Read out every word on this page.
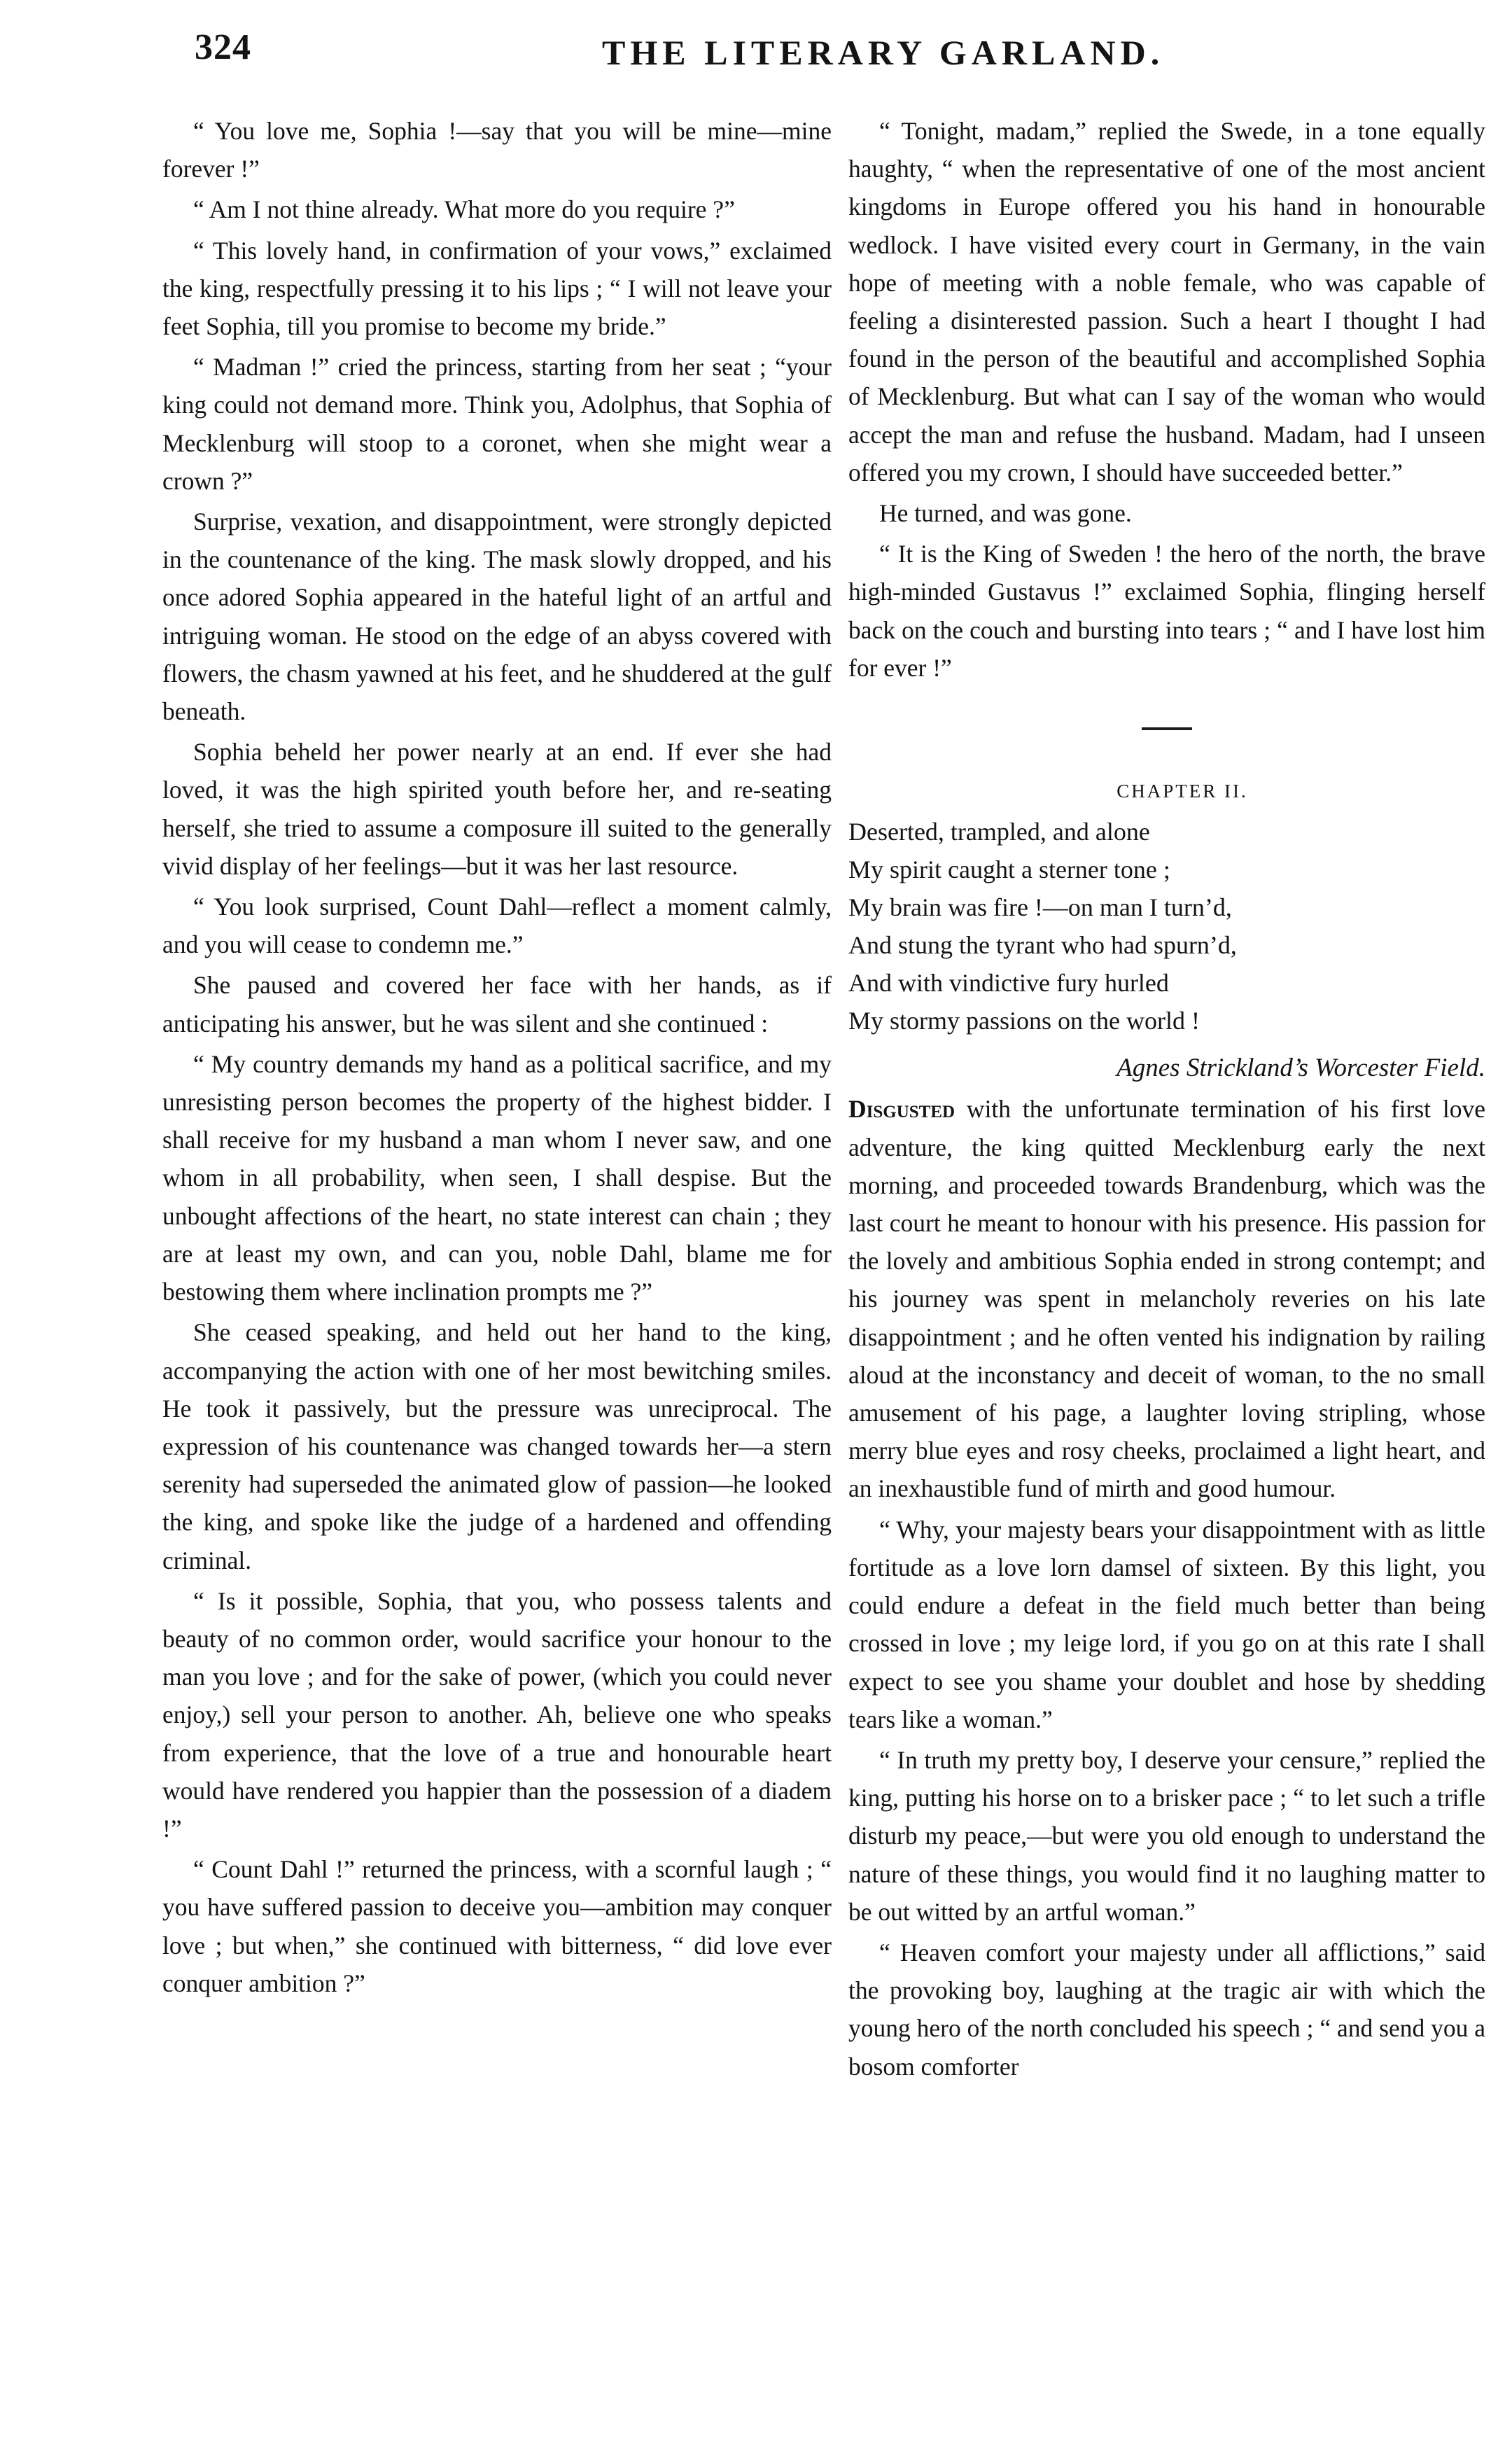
324	THE LITERARY GARLAND.

“ You love me, Sophia !—say that you will be mine—mine forever !”

“ Am I not thine already. What more do you require ?”

“ This lovely hand, in confirmation of your vows,” exclaimed the king, respectfully pressing it to his lips ; “ I will not leave your feet Sophia, till you promise to become my bride.”

“ Madman !” cried the princess, starting from her seat ; “your king could not demand more. Think you, Adolphus, that Sophia of Mecklenburg will stoop to a coronet, when she might wear a crown ?”

Surprise, vexation, and disappointment, were strongly depicted in the countenance of the king. The mask slowly dropped, and his once adored Sophia appeared in the hateful light of an artful and intriguing woman. He stood on the edge of an abyss covered with flowers, the chasm yawned at his feet, and he shuddered at the gulf beneath.

Sophia beheld her power nearly at an end. If ever she had loved, it was the high spirited youth before her, and re-seating herself, she tried to assume a composure ill suited to the generally vivid display of her feelings—but it was her last resource.

“ You look surprised, Count Dahl—reflect a moment calmly, and you will cease to condemn me.”

She paused and covered her face with her hands, as if anticipating his answer, but he was silent and she continued :

“ My country demands my hand as a political sacrifice, and my unresisting person becomes the property of the highest bidder. I shall receive for my husband a man whom I never saw, and one whom in all probability, when seen, I shall despise. But the unbought affections of the heart, no state interest can chain ; they are at least my own, and can you, noble Dahl, blame me for bestowing them where inclination prompts me ?”

She ceased speaking, and held out her hand to the king, accompanying the action with one of her most bewitching smiles. He took it passively, but the pressure was unreciprocal. The expression of his countenance was changed towards her—a stern serenity had superseded the animated glow of passion—he looked the king, and spoke like the judge of a hardened and offending criminal.

“ Is it possible, Sophia, that you, who possess talents and beauty of no common order, would sacrifice your honour to the man you love ; and for the sake of power, (which you could never enjoy,) sell your person to another. Ah, believe one who speaks from experience, that the love of a true and honourable heart would have rendered you happier than the possession of a diadem !”

“ Count Dahl !” returned the princess, with a scornful laugh ; “ you have suffered passion to deceive you—ambition may conquer love ; but when,” she continued with bitterness, “ did love ever conquer ambition ?”

“ Tonight, madam,” replied the Swede, in a tone equally haughty, “ when the representative of one of the most ancient kingdoms in Europe offered you his hand in honourable wedlock. I have visited every court in Germany, in the vain hope of meeting with a noble female, who was capable of feeling a disinterested passion. Such a heart I thought I had found in the person of the beautiful and accomplished Sophia of Mecklenburg. But what can I say of the woman who would accept the man and refuse the husband. Madam, had I unseen offered you my crown, I should have succeeded better.”

He turned, and was gone.

“ It is the King of Sweden ! the hero of the north, the brave high-minded Gustavus !” exclaimed Sophia, flinging herself back on the couch and bursting into tears ; “ and I have lost him for ever !”

CHAPTER II.

Deserted, trampled, and alone
My spirit caught a sterner tone ;
My brain was fire !—on man I turn’d,
And stung the tyrant who had spurn’d,
And with vindictive fury hurled
My stormy passions on the world !

Agnes Strickland’s Worcester Field.

Disgusted with the unfortunate termination of his first love adventure, the king quitted Mecklenburg early the next morning, and proceeded towards Brandenburg, which was the last court he meant to honour with his presence. His passion for the lovely and ambitious Sophia ended in strong contempt; and his journey was spent in melancholy reveries on his late disappointment ; and he often vented his indignation by railing aloud at the inconstancy and deceit of woman, to the no small amusement of his page, a laughter loving stripling, whose merry blue eyes and rosy cheeks, proclaimed a light heart, and an inexhaustible fund of mirth and good humour.

“ Why, your majesty bears your disappointment with as little fortitude as a love lorn damsel of sixteen. By this light, you could endure a defeat in the field much better than being crossed in love ; my leige lord, if you go on at this rate I shall expect to see you shame your doublet and hose by shedding tears like a woman.”

“ In truth my pretty boy, I deserve your censure,” replied the king, putting his horse on to a brisker pace ; “ to let such a trifle disturb my peace,—but were you old enough to understand the nature of these things, you would find it no laughing matter to be out witted by an artful woman.”

“ Heaven comfort your majesty under all afflictions,” said the provoking boy, laughing at the tragic air with which the young hero of the north concluded his speech ; “ and send you a bosom comforter
